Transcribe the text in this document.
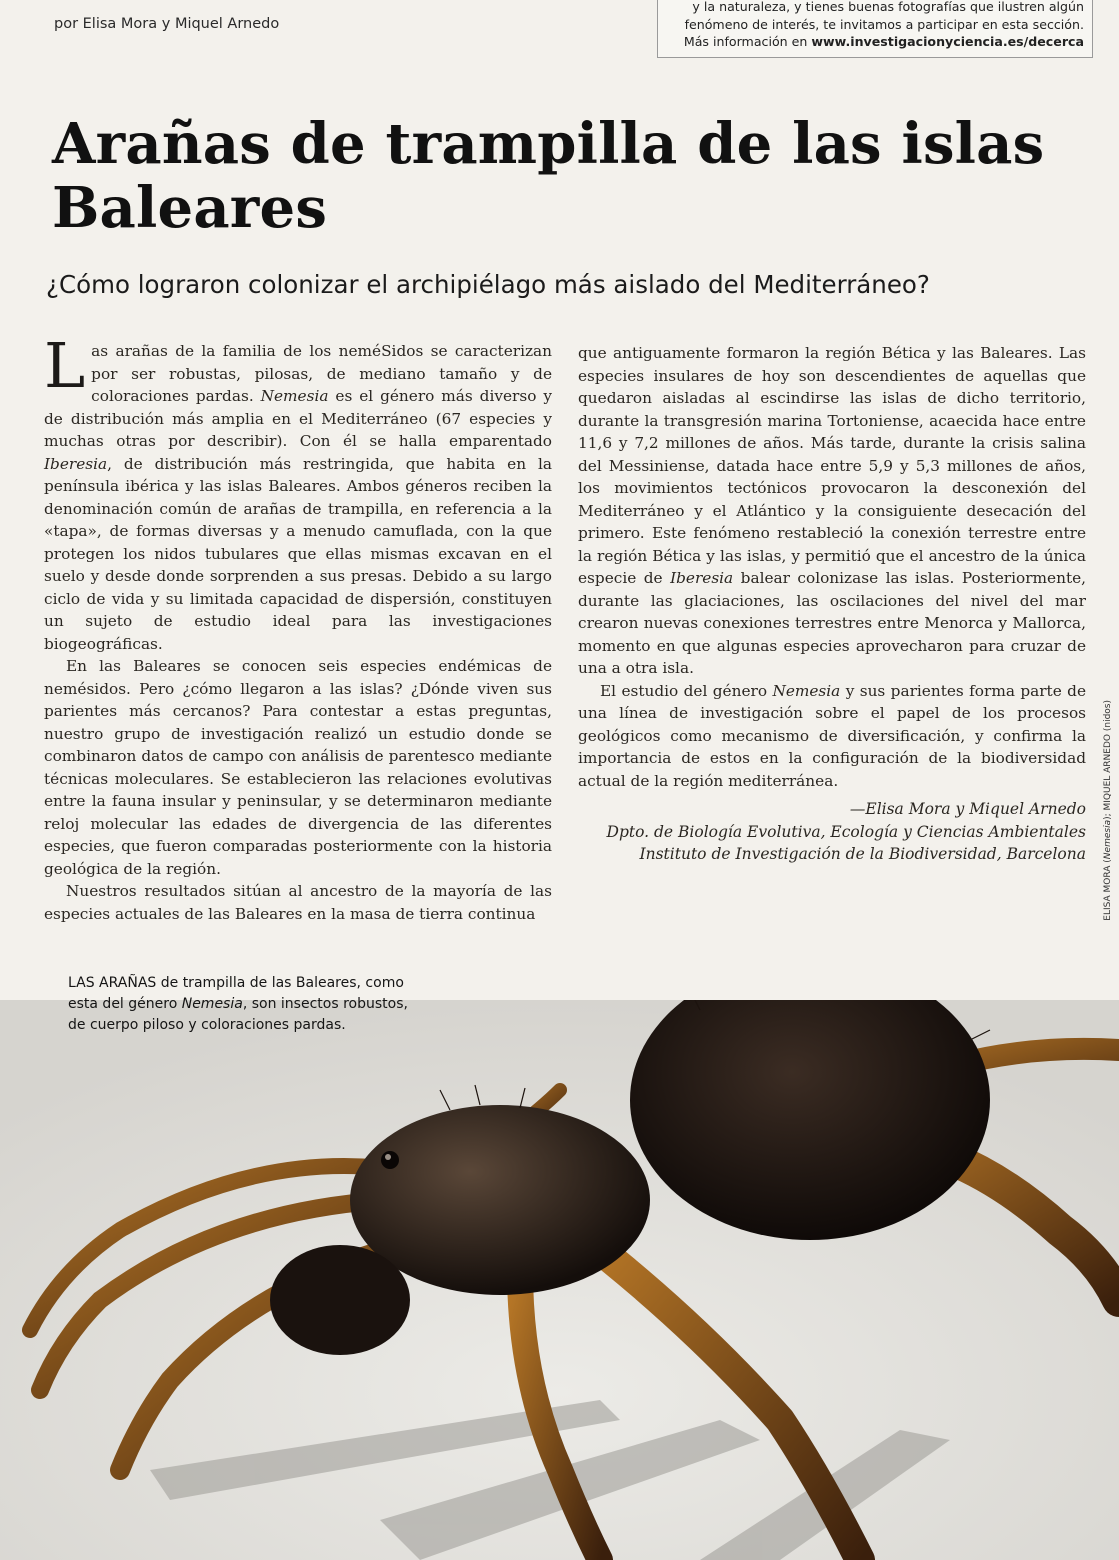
por Elisa Mora y Miquel Arnedo
y la naturaleza, y tienes buenas fotografías que ilustren algún
fenómeno de interés, te invitamos a participar en esta sección.
Más información en www.investigacionyciencia.es/decerca
Arañas de trampilla de las islas
Baleares
¿Cómo lograron colonizar el archipiélago más aislado del Mediterráneo?

Las arañas de la familia de los neméSidos se caracterizan por ser robustas, pilosas, de mediano tamaño y de coloraciones pardas. Nemesia es el género más diverso y de distribución más amplia en el Mediterráneo (67 especies y muchas otras por describir). Con él se halla emparentado Iberesia, de distribución más restringida, que habita en la península ibérica y las islas Baleares. Ambos géneros reciben la denominación común de arañas de trampilla, en referencia a la «tapa», de formas diversas y a menudo camuflada, con la que protegen los nidos tubulares que ellas mismas excavan en el suelo y desde donde sorprenden a sus presas. Debido a su largo ciclo de vida y su limitada capacidad de dispersión, constituyen un sujeto de estudio ideal para las investigaciones biogeográficas.

En las Baleares se conocen seis especies endémicas de nemésidos. Pero ¿cómo llegaron a las islas? ¿Dónde viven sus parientes más cercanos? Para contestar a estas preguntas, nuestro grupo de investigación realizó un estudio donde se combinaron datos de campo con análisis de parentesco mediante técnicas moleculares. Se establecieron las relaciones evolutivas entre la fauna insular y peninsular, y se determinaron mediante reloj molecular las edades de divergencia de las diferentes especies, que fueron comparadas posteriormente con la historia geológica de la región.

Nuestros resultados sitúan al ancestro de la mayoría de las especies actuales de las Baleares en la masa de tierra continua

que antiguamente formaron la región Bética y las Baleares. Las especies insulares de hoy son descendientes de aquellas que quedaron aisladas al escindirse las islas de dicho territorio, durante la transgresión marina Tortoniense, acaecida hace entre 11,6 y 7,2 millones de años. Más tarde, durante la crisis salina del Messiniense, datada hace entre 5,9 y 5,3 millones de años, los movimientos tectónicos provocaron la desconexión del Mediterráneo y el Atlántico y la consiguiente desecación del primero. Este fenómeno restableció la conexión terrestre entre la región Bética y las islas, y permitió que el ancestro de la única especie de Iberesia balear colonizase las islas. Posteriormente, durante las glaciaciones, las oscilaciones del nivel del mar crearon nuevas conexiones terrestres entre Menorca y Mallorca, momento en que algunas especies aprovecharon para cruzar de una a otra isla.

El estudio del género Nemesia y sus parientes forma parte de una línea de investigación sobre el papel de los procesos geológicos como mecanismo de diversificación, y confirma la importancia de estos en la configuración de la biodiversidad actual de la región mediterránea.

—Elisa Mora y Miquel Arnedo
Dpto. de Biología Evolutiva, Ecología y Ciencias Ambientales
Instituto de Investigación de la Biodiversidad, Barcelona
ELISA MORA (Nemesia); MIQUEL ARNEDO (nidos)
LAS ARAÑAS de trampilla de las Baleares, como esta del género Nemesia, son insectos robustos, de cuerpo piloso y coloraciones pardas.
